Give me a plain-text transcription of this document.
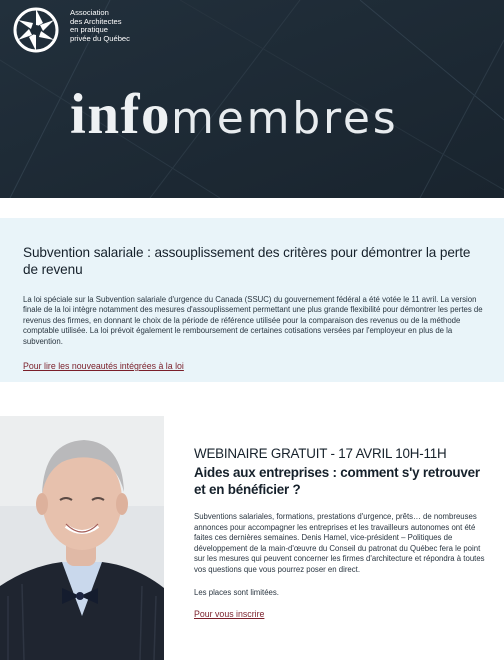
Association
des Architectes
en pratique
privée du Québec
infomembres
Subvention salariale : assouplissement des critères pour démontrer la perte de revenu

La loi spéciale sur la Subvention salariale d'urgence du Canada (SSUC) du gouvernement fédéral a été votée le 11 avril. La version finale de la loi intègre notamment des mesures d'assouplissement permettant une plus grande flexibilité pour démontrer les pertes de revenus des firmes, en donnant le choix de la période de référence utilisée pour la comparaison des revenus ou de la méthode comptable utilisée. La loi prévoit également le remboursement de certaines cotisations versées par l'employeur en plus de la subvention.

Pour lire les nouveautés intégrées à la loi
WEBINAIRE GRATUIT - 17 AVRIL 10H-11H
Aides aux entreprises : comment s'y retrouver et en bénéficier ?

Subventions salariales, formations, prestations d'urgence, prêts… de nombreuses annonces pour accompagner les entreprises et les travailleurs autonomes ont été faites ces dernières semaines. Denis Hamel, vice-président – Politiques de développement de la main-d'œuvre du Conseil du patronat du Québec fera le point sur les mesures qui peuvent concerner les firmes d'architecture et répondra à toutes vos questions que vous pourrez poser en direct.

Les places sont limitées.

Pour vous inscrire
